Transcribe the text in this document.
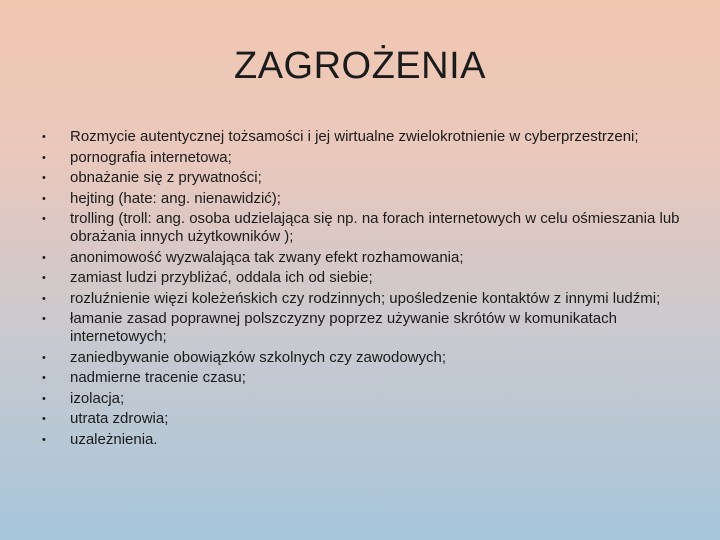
ZAGROŻENIA
•	Rozmycie autentycznej tożsamości i jej wirtualne zwielokrotnienie w cyberprzestrzeni;
•	pornografia internetowa;
•	obnażanie się z prywatności;
•	hejting (hate: ang. nienawidzić);
•	trolling (troll: ang. osoba udzielająca się np. na forach internetowych w celu ośmieszania lub obrażania innych użytkowników );
•	anonimowość wyzwalająca tak zwany efekt rozhamowania;
•	zamiast ludzi przybliżać, oddala ich od siebie;
•	rozluźnienie więzi koleżeńskich czy rodzinnych; upośledzenie kontaktów z innymi ludźmi;
•	łamanie zasad poprawnej polszczyzny poprzez używanie skrótów w komunikatach internetowych;
•	zaniedbywanie obowiązków szkolnych czy zawodowych;
•	nadmierne tracenie czasu;
•	izolacja;
•	utrata zdrowia;
•	uzależnienia.
